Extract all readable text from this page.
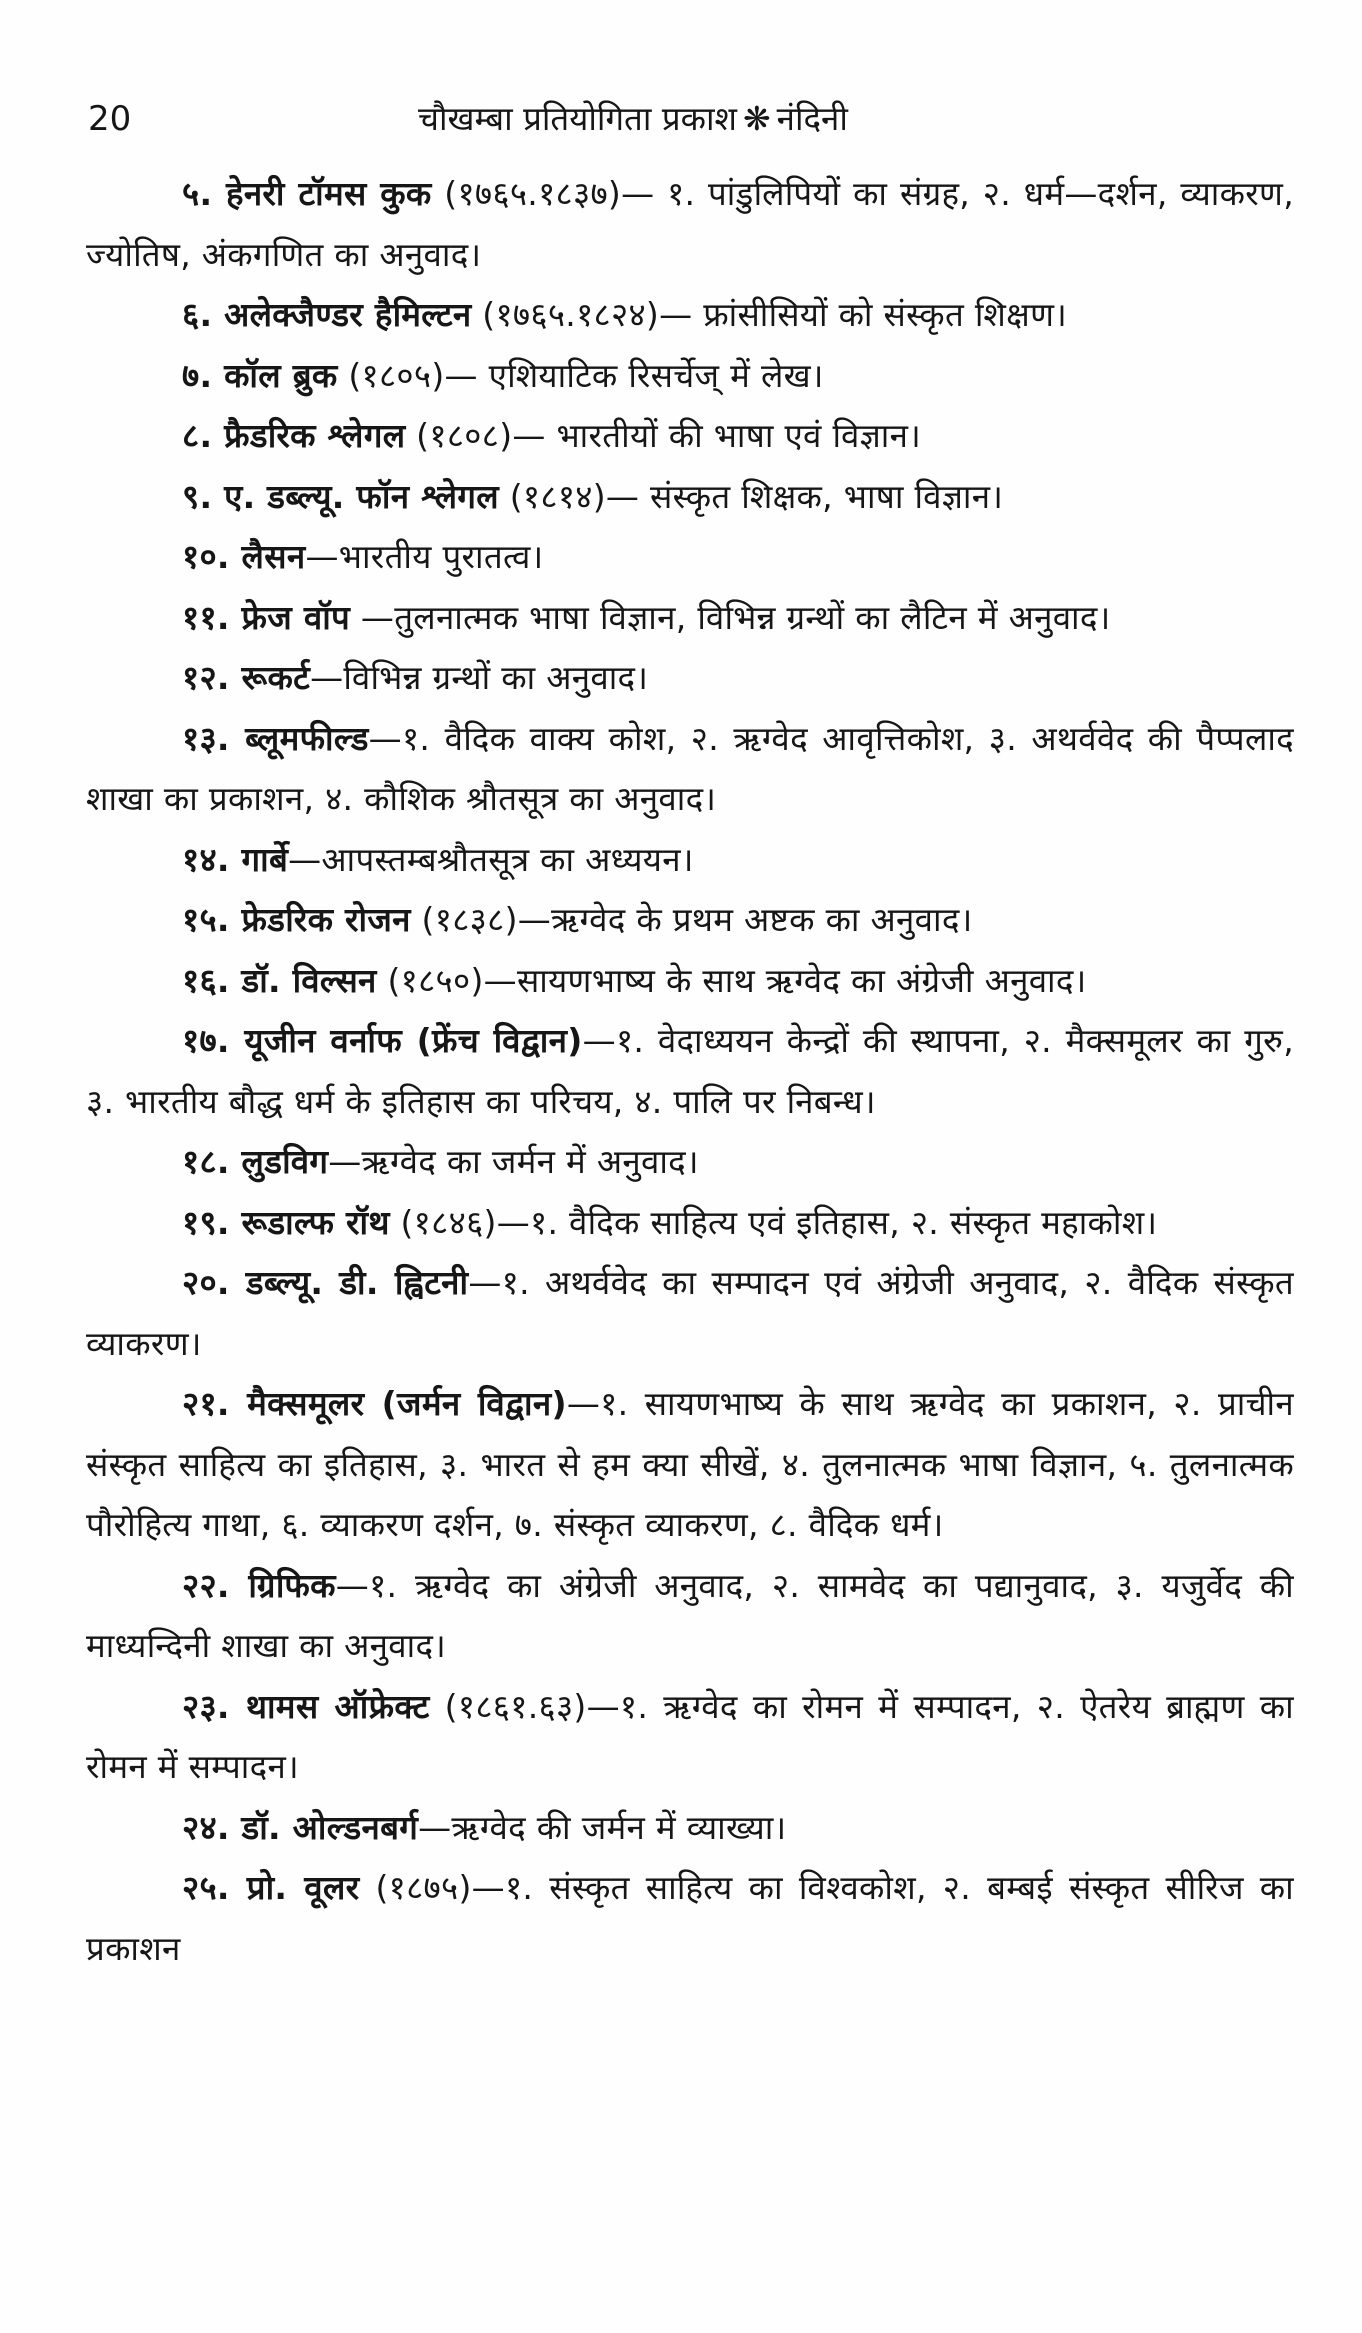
20	चौखम्बा प्रतियोगिता प्रकाश ❋ नंदिनी

५. हेनरी टॉमस कुक (१७६५.१८३७)— १. पांडुलिपियों का संग्रह, २. धर्म—दर्शन, व्याकरण, ज्योतिष, अंकगणित का अनुवाद।

६. अलेक्जैण्डर हैमिल्टन (१७६५.१८२४)— फ्रांसीसियों को संस्कृत शिक्षण।

७. कॉल ब्रुक (१८०५)— एशियाटिक रिसर्चेज् में लेख।

८. फ्रैडरिक श्लेगल (१८०८)— भारतीयों की भाषा एवं विज्ञान।

९. ए. डब्ल्यू. फॉन श्लेगल (१८१४)— संस्कृत शिक्षक, भाषा विज्ञान।

१०. लैसन—भारतीय पुरातत्व।

११. फ्रेज वॉप —तुलनात्मक भाषा विज्ञान, विभिन्न ग्रन्थों का लैटिन में अनुवाद।

१२. रूकर्ट—विभिन्न ग्रन्थों का अनुवाद।

१३. ब्लूमफील्ड—१. वैदिक वाक्य कोश, २. ऋग्वेद आवृत्तिकोश, ३. अथर्ववेद की पैप्पलाद शाखा का प्रकाशन, ४. कौशिक श्रौतसूत्र का अनुवाद।

१४. गार्बे—आपस्तम्बश्रौतसूत्र का अध्ययन।

१५. फ्रेडरिक रोजन (१८३८)—ऋग्वेद के प्रथम अष्टक का अनुवाद।

१६. डॉ. विल्सन (१८५०)—सायणभाष्य के साथ ऋग्वेद का अंग्रेजी अनुवाद।

१७. यूजीन वर्नाफ (फ्रेंच विद्वान)—१. वेदाध्ययन केन्द्रों की स्थापना, २. मैक्समूलर का गुरु, ३. भारतीय बौद्ध धर्म के इतिहास का परिचय, ४. पालि पर निबन्ध।

१८. लुडविग—ऋग्वेद का जर्मन में अनुवाद।

१९. रूडाल्फ रॉथ (१८४६)—१. वैदिक साहित्य एवं इतिहास, २. संस्कृत महाकोश।

२०. डब्ल्यू. डी. ह्विटनी—१. अथर्ववेद का सम्पादन एवं अंग्रेजी अनुवाद, २. वैदिक संस्कृत व्याकरण।

२१. मैक्समूलर (जर्मन विद्वान)—१. सायणभाष्य के साथ ऋग्वेद का प्रकाशन, २. प्राचीन संस्कृत साहित्य का इतिहास, ३. भारत से हम क्या सीखें, ४. तुलनात्मक भाषा विज्ञान, ५. तुलनात्मक पौरोहित्य गाथा, ६. व्याकरण दर्शन, ७. संस्कृत व्याकरण, ८. वैदिक धर्म।

२२. ग्रिफिक—१. ऋग्वेद का अंग्रेजी अनुवाद, २. सामवेद का पद्यानुवाद, ३. यजुर्वेद की माध्यन्दिनी शाखा का अनुवाद।

२३. थामस ऑफ्रेक्ट (१८६१.६३)—१. ऋग्वेद का रोमन में सम्पादन, २. ऐतरेय ब्राह्मण का रोमन में सम्पादन।

२४. डॉ. ओल्डनबर्ग—ऋग्वेद की जर्मन में व्याख्या।

२५. प्रो. वूलर (१८७५)—१. संस्कृत साहित्य का विश्वकोश, २. बम्बई संस्कृत सीरिज का प्रकाशन
